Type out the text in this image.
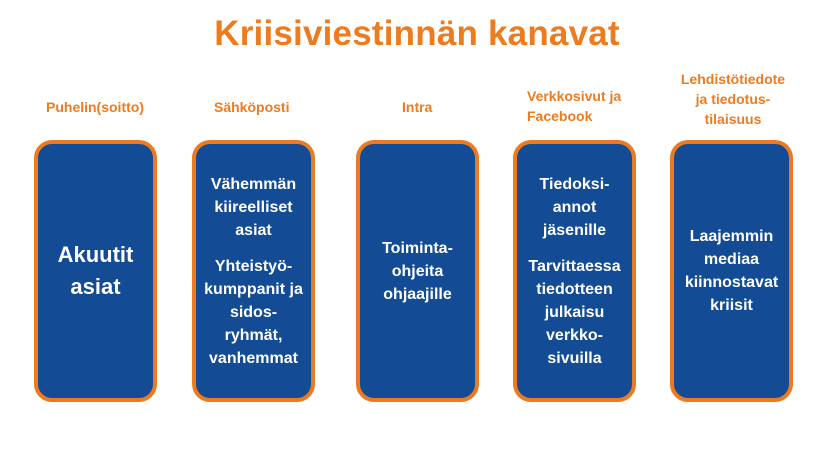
Kriisiviestinnän kanavat
Puhelin(soitto)	Sähköposti	Intra
Verkkosivut ja
Facebook
Lehdistötiedote
ja tiedotus-
tilaisuus
Akuutit
asiat
Vähemmän
kiireelliset
asiat
Yhteistyö-
kumppanit ja
sidos-
ryhmät,
vanhemmat
Toiminta-
ohjeita
ohjaajille
Tiedoksi-
annot
jäsenille
Tarvittaessa
tiedotteen
julkaisu
verkko-
sivuilla
Laajemmin
mediaa
kiinnostavat
kriisit
